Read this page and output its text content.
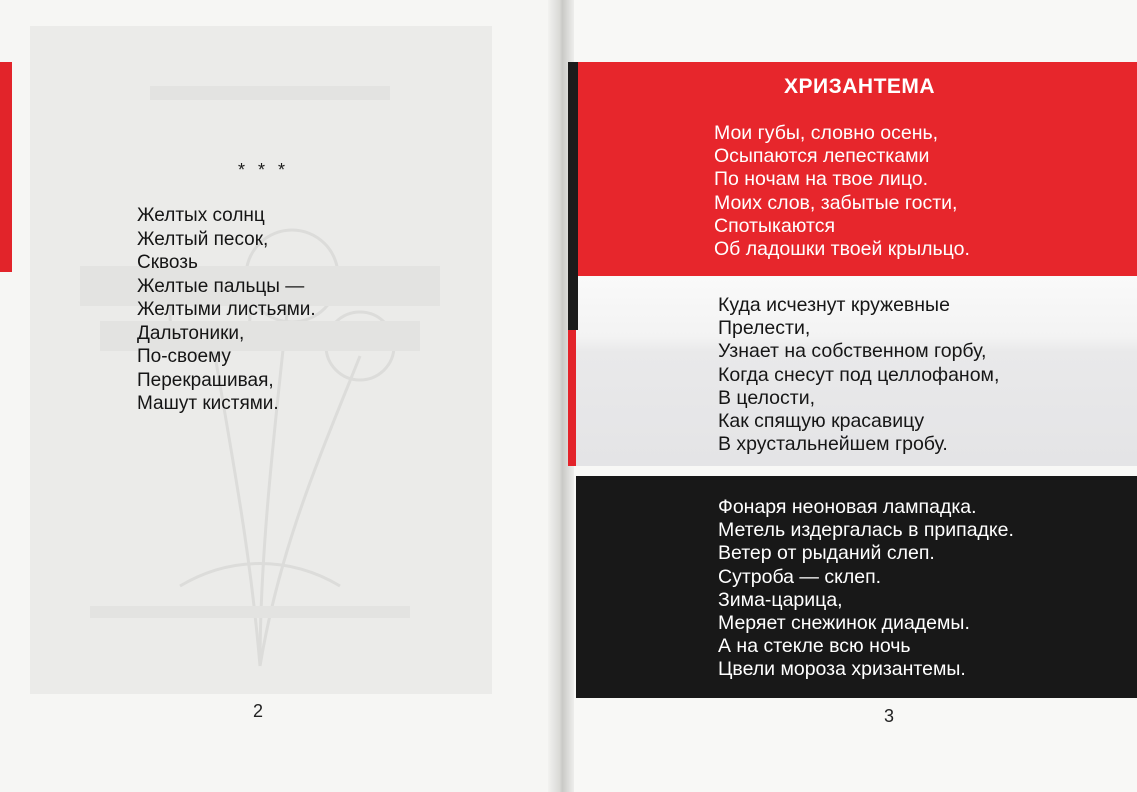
* * *
Желтых солнц
Желтый песок,
Сквозь
Желтые пальцы —
Желтыми листьями.
Дальтоники,
По-своему
Перекрашивая,
Машут кистями.
2
ХРИЗАНТЕМА
Мои губы, словно осень,
Осыпаются лепестками
По ночам на твое лицо.
Моих слов, забытые гости,
Спотыкаются
Об ладошки твоей крыльцо.
Куда исчезнут кружевные
Прелести,
Узнает на собственном горбу,
Когда снесут под целлофаном,
В целости,
Как спящую красавицу
В хрустальнейшем гробу.
Фонаря неоновая лампадка.
Метель издергалась в припадке.
Ветер от рыданий слеп.
Сутроба — склеп.
Зима-царица,
Меряет снежинок диадемы.
А на стекле всю ночь
Цвели мороза хризантемы.
3
